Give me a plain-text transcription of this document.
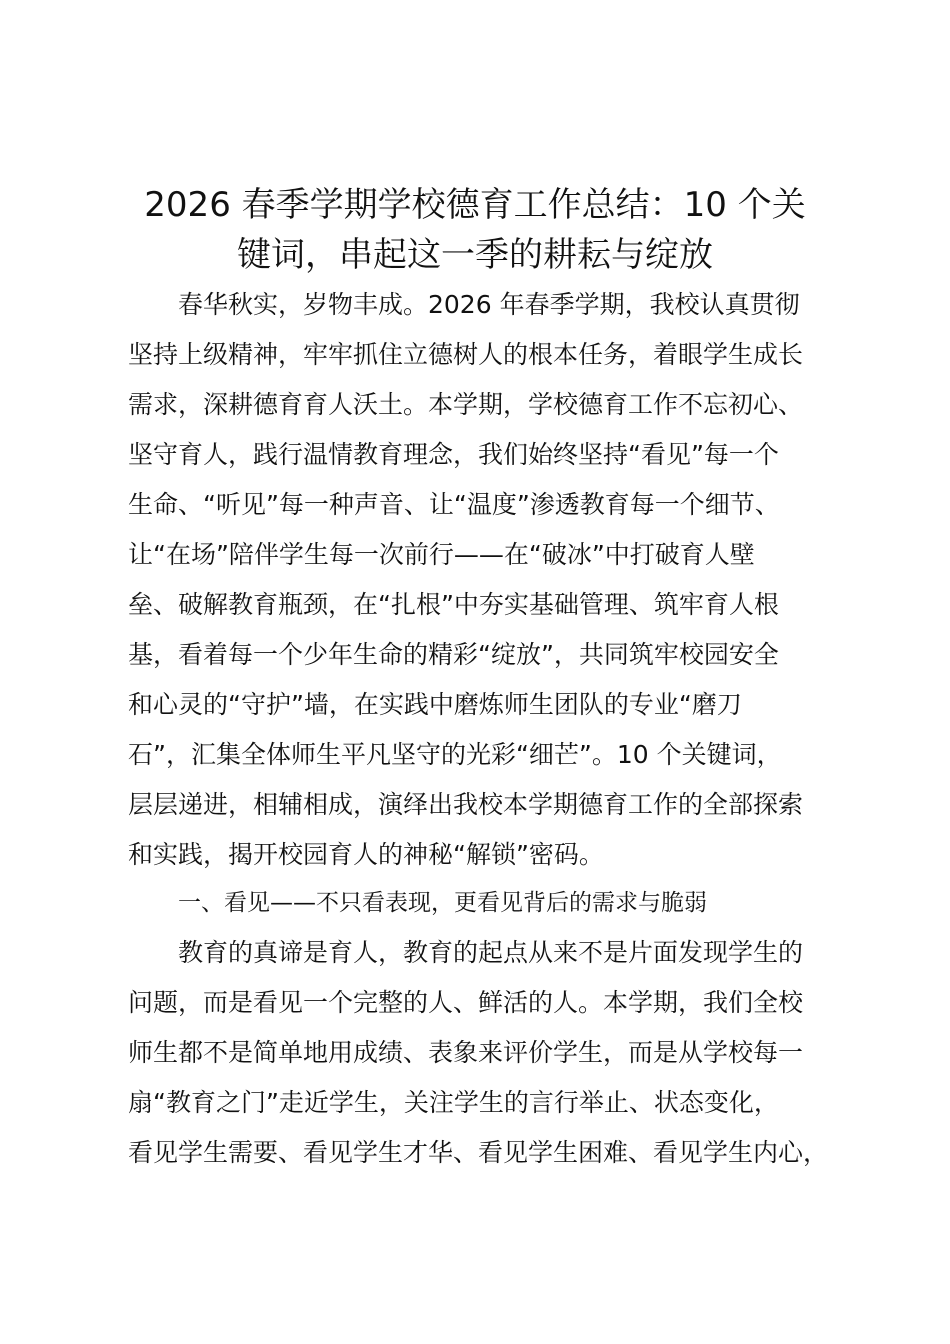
2026 春季学期学校德育工作总结：10 个关
键词，串起这一季的耕耘与绽放
春华秋实，岁物丰成。2026 年春季学期，我校认真贯彻
坚持上级精神，牢牢抓住立德树人的根本任务，着眼学生成长
需求，深耕德育育人沃土。本学期，学校德育工作不忘初心、
坚守育人，践行温情教育理念，我们始终坚持“看见”每一个
生命、“听见”每一种声音、让“温度”渗透教育每一个细节、
让“在场”陪伴学生每一次前行——在“破冰”中打破育人壁
垒、破解教育瓶颈，在“扎根”中夯实基础管理、筑牢育人根
基，看着每一个少年生命的精彩“绽放”，共同筑牢校园安全
和心灵的“守护”墙，在实践中磨炼师生团队的专业“磨刀
石”，汇集全体师生平凡坚守的光彩“细芒”。10 个关键词，
层层递进，相辅相成，演绎出我校本学期德育工作的全部探索
和实践，揭开校园育人的神秘“解锁”密码。
一、看见——不只看表现，更看见背后的需求与脆弱
教育的真谛是育人，教育的起点从来不是片面发现学生的
问题，而是看见一个完整的人、鲜活的人。本学期，我们全校
师生都不是简单地用成绩、表象来评价学生，而是从学校每一
扇“教育之门”走近学生，关注学生的言行举止、状态变化，
看见学生需要、看见学生才华、看见学生困难、看见学生内心，
